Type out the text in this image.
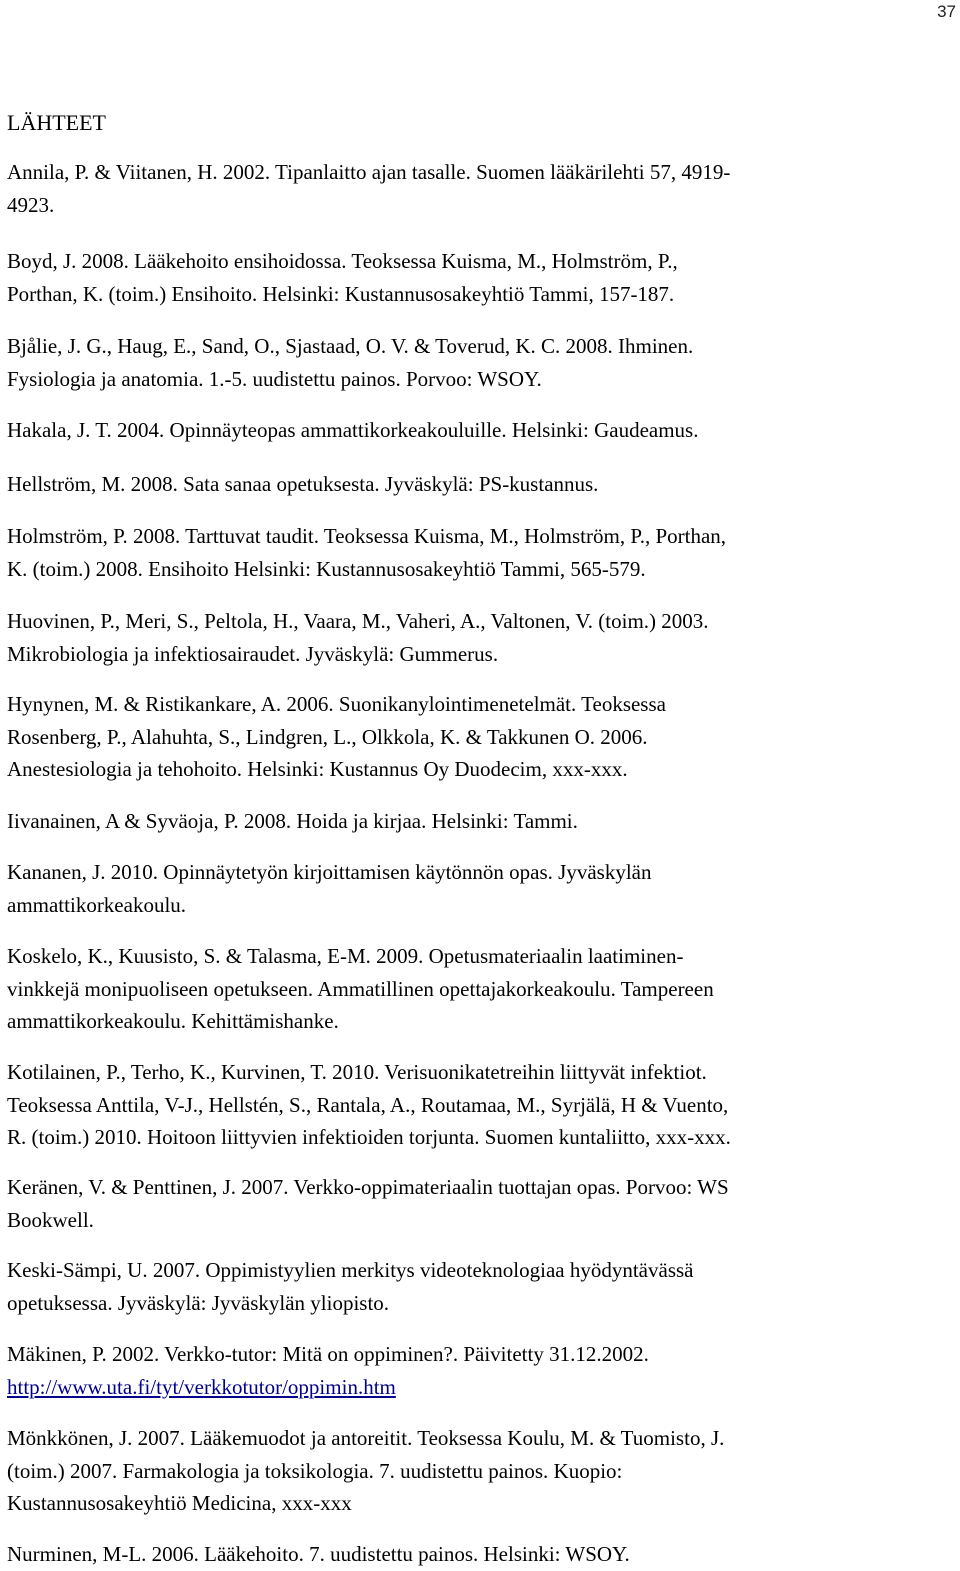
37
LÄHTEET
Annila, P. & Viitanen, H. 2002. Tipanlaitto ajan tasalle. Suomen lääkärilehti 57, 4919-
4923.
Boyd, J. 2008. Lääkehoito ensihoidossa. Teoksessa Kuisma, M., Holmström, P.,
Porthan, K. (toim.) Ensihoito. Helsinki: Kustannusosakeyhtiö Tammi, 157-187.
Bjålie, J. G., Haug, E., Sand, O., Sjastaad, O. V. & Toverud, K. C. 2008. Ihminen.
Fysiologia ja anatomia. 1.-5. uudistettu painos. Porvoo: WSOY.
Hakala, J. T. 2004. Opinnäyteopas ammattikorkeakouluille. Helsinki: Gaudeamus.
Hellström, M. 2008. Sata sanaa opetuksesta. Jyväskylä: PS-kustannus.
Holmström, P. 2008. Tarttuvat taudit. Teoksessa Kuisma, M., Holmström, P., Porthan,
K. (toim.) 2008. Ensihoito Helsinki: Kustannusosakeyhtiö Tammi, 565-579.
Huovinen, P., Meri, S., Peltola, H., Vaara, M., Vaheri, A., Valtonen, V. (toim.) 2003.
Mikrobiologia ja infektiosairaudet. Jyväskylä: Gummerus.
Hynynen, M. & Ristikankare, A. 2006. Suonikanylointimenetelmät. Teoksessa
Rosenberg, P., Alahuhta, S., Lindgren, L., Olkkola, K. & Takkunen O. 2006.
Anestesiologia ja tehohoito. Helsinki: Kustannus Oy Duodecim, xxx-xxx.
Iivanainen, A & Syväoja, P. 2008. Hoida ja kirjaa. Helsinki: Tammi.
Kananen, J. 2010. Opinnäytetyön kirjoittamisen käytönnön opas. Jyväskylän
ammattikorkeakoulu.
Koskelo, K., Kuusisto, S. & Talasma, E-M. 2009. Opetusmateriaalin laatiminen-
vinkkejä monipuoliseen opetukseen. Ammatillinen opettajakorkeakoulu. Tampereen
ammattikorkeakoulu. Kehittämishanke.
Kotilainen, P., Terho, K., Kurvinen, T. 2010. Verisuonikatetreihin liittyvät infektiot.
Teoksessa Anttila, V-J., Hellstén, S., Rantala, A., Routamaa, M., Syrjälä, H & Vuento,
R. (toim.) 2010. Hoitoon liittyvien infektioiden torjunta. Suomen kuntaliitto, xxx-xxx.
Keränen, V. & Penttinen, J. 2007. Verkko-oppimateriaalin tuottajan opas. Porvoo: WS
Bookwell.
Keski-Sämpi, U. 2007. Oppimistyylien merkitys videoteknologiaa hyödyntävässä
opetuksessa. Jyväskylä: Jyväskylän yliopisto.
Mäkinen, P. 2002. Verkko-tutor: Mitä on oppiminen?. Päivitetty 31.12.2002.
http://www.uta.fi/tyt/verkkotutor/oppimin.htm
Mönkkönen, J. 2007. Lääkemuodot ja antoreitit. Teoksessa Koulu, M. & Tuomisto, J.
(toim.) 2007. Farmakologia ja toksikologia. 7. uudistettu painos. Kuopio:
Kustannusosakeyhtiö Medicina, xxx-xxx
Nurminen, M-L. 2006. Lääkehoito. 7. uudistettu painos. Helsinki: WSOY.
